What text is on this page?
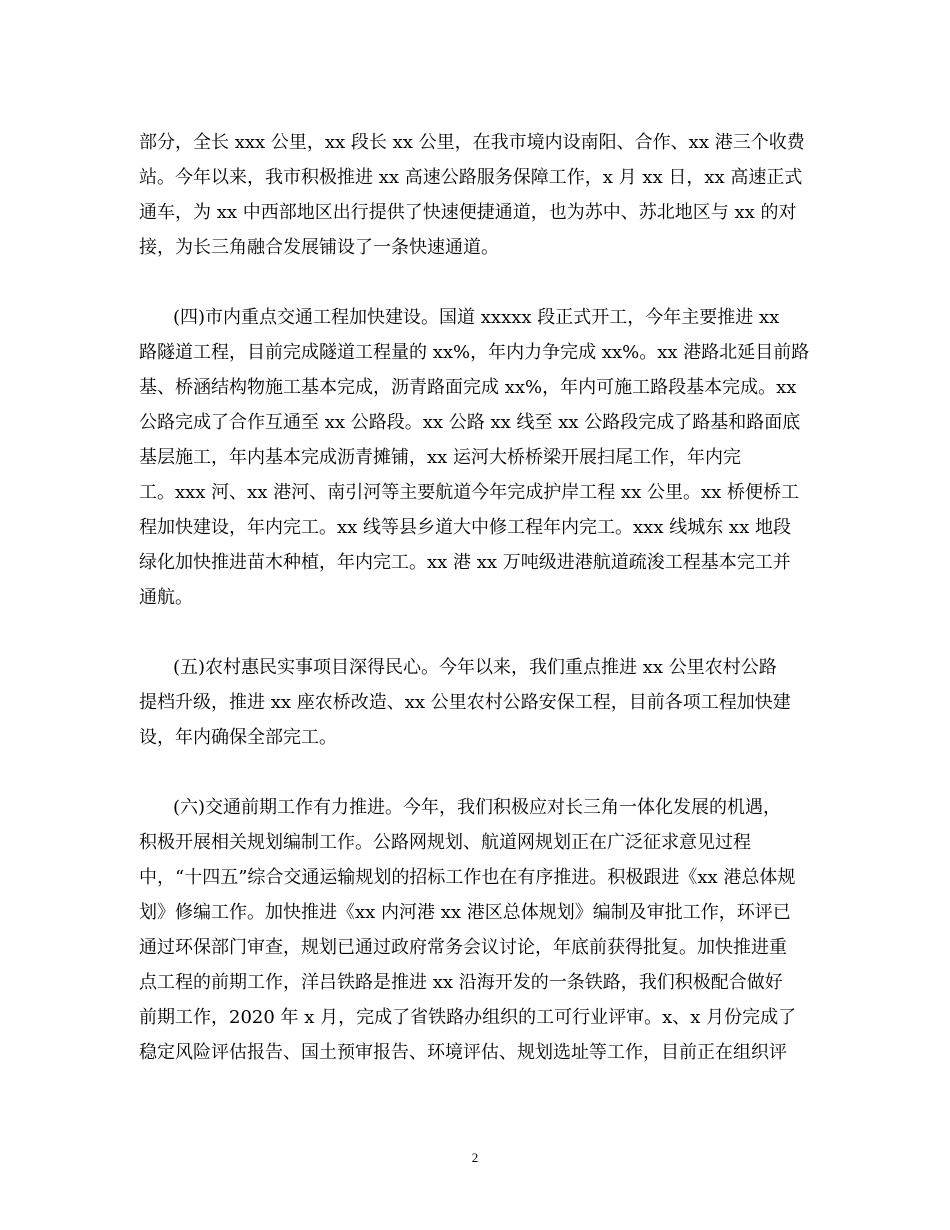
部分，全长 xxx 公里，xx 段长 xx 公里，在我市境内设南阳、合作、xx 港三个收费
站。今年以来，我市积极推进 xx 高速公路服务保障工作，x 月 xx 日，xx 高速正式
通车，为 xx 中西部地区出行提供了快速便捷通道，也为苏中、苏北地区与 xx 的对
接，为长三角融合发展铺设了一条快速通道。

(四)市内重点交通工程加快建设。国道 xxxxx 段正式开工，今年主要推进 xx
路隧道工程，目前完成隧道工程量的 xx%，年内力争完成 xx%。xx 港路北延目前路
基、桥涵结构物施工基本完成，沥青路面完成 xx%，年内可施工路段基本完成。xx
公路完成了合作互通至 xx 公路段。xx 公路 xx 线至 xx 公路段完成了路基和路面底
基层施工，年内基本完成沥青摊铺，xx 运河大桥桥梁开展扫尾工作，年内完
工。xxx 河、xx 港河、南引河等主要航道今年完成护岸工程 xx 公里。xx 桥便桥工
程加快建设，年内完工。xx 线等县乡道大中修工程年内完工。xxx 线城东 xx 地段
绿化加快推进苗木种植，年内完工。xx 港 xx 万吨级进港航道疏浚工程基本完工并
通航。

(五)农村惠民实事项目深得民心。今年以来，我们重点推进 xx 公里农村公路
提档升级，推进 xx 座农桥改造、xx 公里农村公路安保工程，目前各项工程加快建
设，年内确保全部完工。

(六)交通前期工作有力推进。今年，我们积极应对长三角一体化发展的机遇，
积极开展相关规划编制工作。公路网规划、航道网规划正在广泛征求意见过程
中，“十四五”综合交通运输规划的招标工作也在有序推进。积极跟进《xx 港总体规
划》修编工作。加快推进《xx 内河港 xx 港区总体规划》编制及审批工作，环评已
通过环保部门审查，规划已通过政府常务会议讨论，年底前获得批复。加快推进重
点工程的前期工作，洋吕铁路是推进 xx 沿海开发的一条铁路，我们积极配合做好
前期工作，2020 年 x 月，完成了省铁路办组织的工可行业评审。x、x 月份完成了
稳定风险评估报告、国土预审报告、环境评估、规划选址等工作，目前正在组织评

2
